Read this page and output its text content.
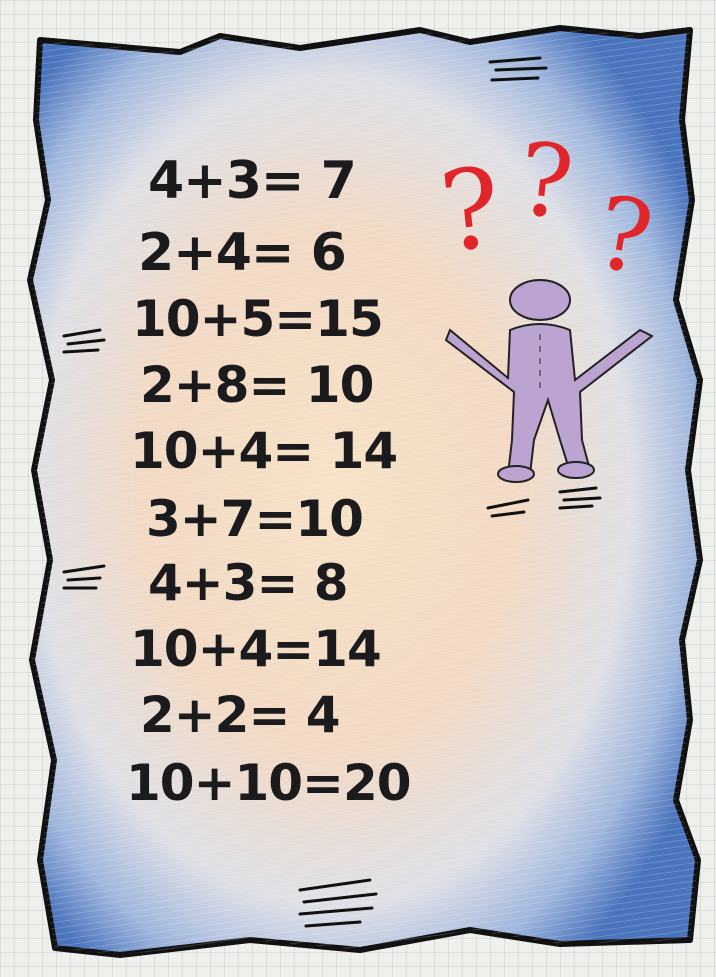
4+3= 7
2+4= 6
10+5=15
2+8= 10
10+4= 14
3+7=10
4+3= 8
10+4=14
2+2= 4
10+10=20
? ? ?
